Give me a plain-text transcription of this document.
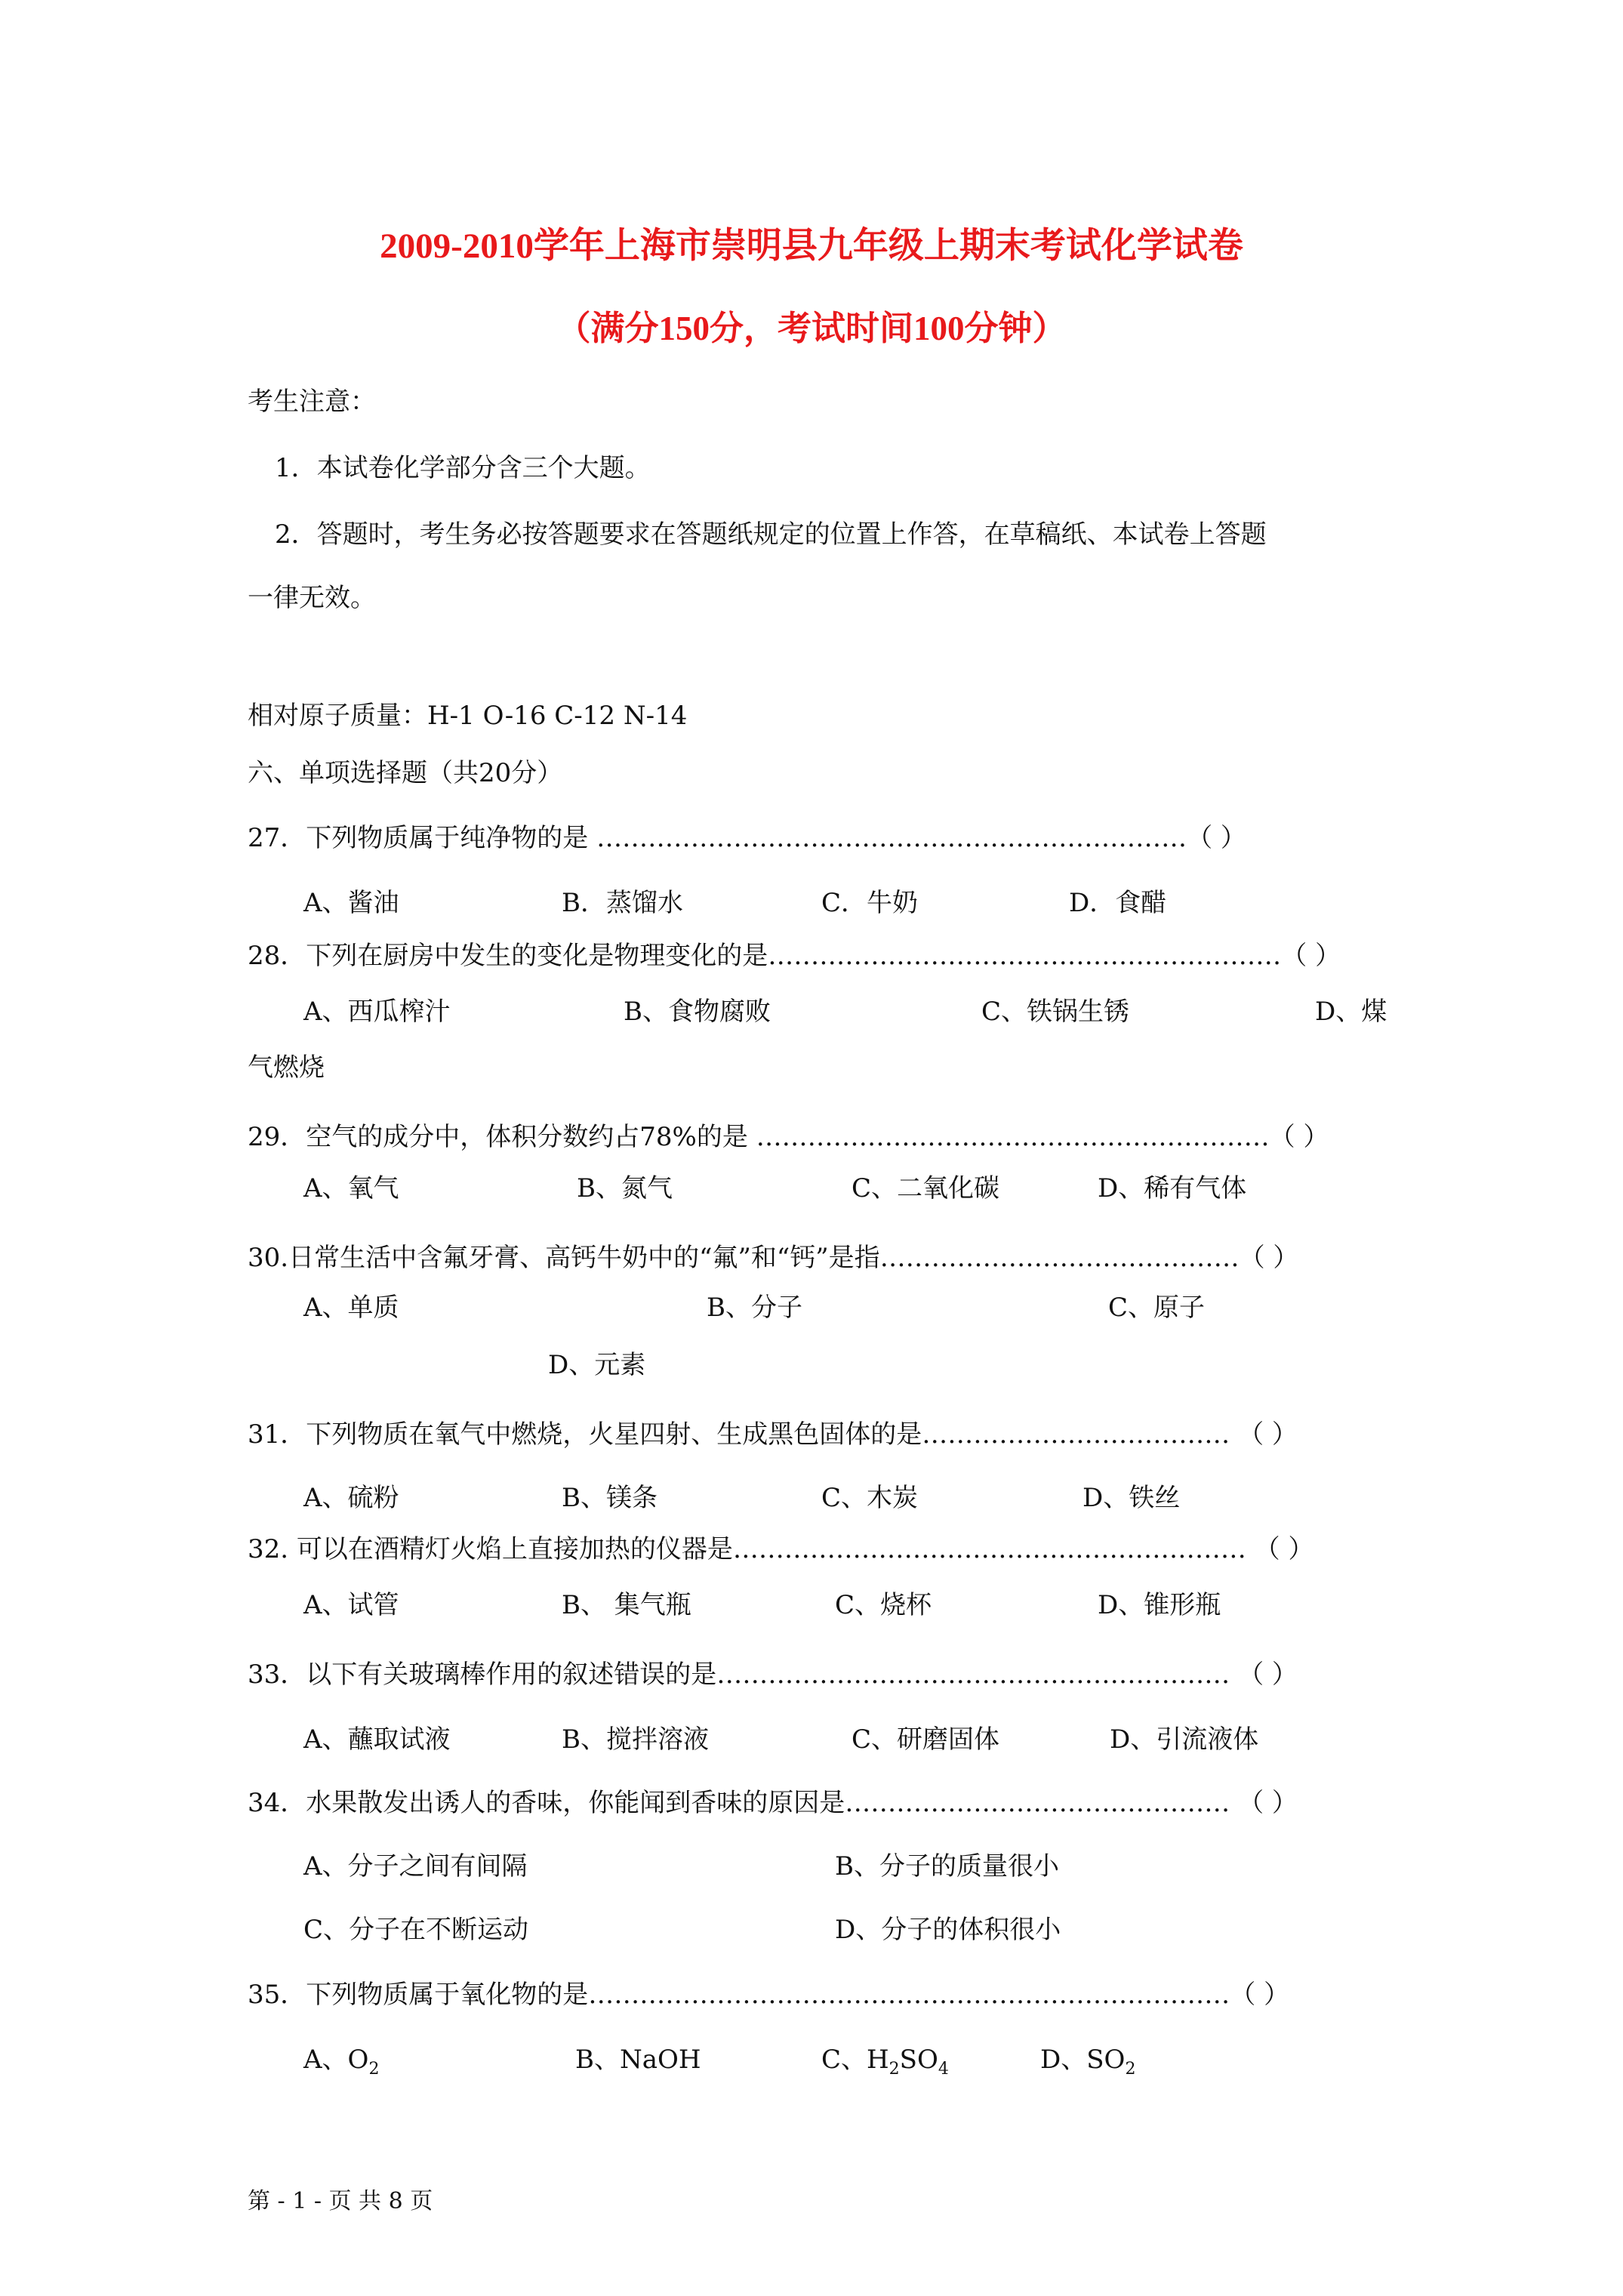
2009-2010学年上海市崇明县九年级上期末考试化学试卷
（满分150分，考试时间100分钟）
考生注意：
1．本试卷化学部分含三个大题。
2．答题时，考生务必按答题要求在答题纸规定的位置上作答，在草稿纸、本试卷上答题
一律无效。
相对原子质量：H-1 O-16 C-12 N-14
六、单项选择题（共20分）
27．下列物质属于纯净物的是 ……………………………………………………………（ ）
A、酱油	B．蒸馏水	C．牛奶	D．食醋
28．下列在厨房中发生的变化是物理变化的是……………………………………………………（ ）
A、西瓜榨汁	B、食物腐败	C、铁锅生锈	D、煤
气燃烧
29．空气的成分中，体积分数约占78%的是 ……………………………………………………（ ）
A、氧气	B、氮气	C、二氧化碳	D、稀有气体
30.日常生活中含氟牙膏、高钙牛奶中的“氟”和“钙”是指……………………………………（ ）
A、单质	B、分子	C、原子
D、元素
31．下列物质在氧气中燃烧，火星四射、生成黑色固体的是……………………………… （ ）
A、硫粉	B、镁条	C、木炭	D、铁丝
32. 可以在酒精灯火焰上直接加热的仪器是…………………………………………………… （ ）
A、试管	B、 集气瓶	C、烧杯	D、锥形瓶
33．以下有关玻璃棒作用的叙述错误的是…………………………………………………… （ ）
A、蘸取试液	B、搅拌溶液	C、研磨固体	D、引流液体
34．水果散发出诱人的香味，你能闻到香味的原因是……………………………………… （ ）
A、分子之间有间隔	B、分子的质量很小
C、分子在不断运动	D、分子的体积很小
35．下列物质属于氧化物的是…………………………………………………………………（ ）
A、$O_2$	B、NaOH	C、$H_2SO_4$	D、$SO_2$
第 - 1 - 页 共 8 页
